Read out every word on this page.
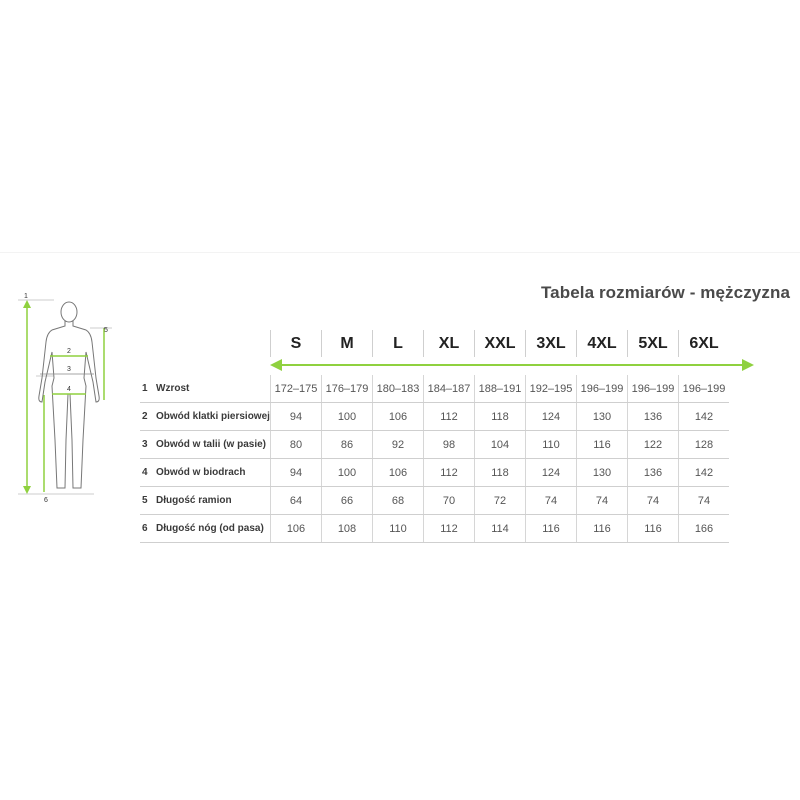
Tabela rozmiarów - mężczyzna
2
3
4
1
5
6
	S	M	L	XL	XXL	3XL	4XL	5XL	6XL

1 Wzrost	172–175	176–179	180–183	184–187	188–191	192–195	196–199	196–199	196–199
2 Obwód klatki piersiowej	94	100	106	112	118	124	130	136	142
3 Obwód w talii (w pasie)	80	86	92	98	104	110	116	122	128
4 Obwód w biodrach	94	100	106	112	118	124	130	136	142
5 Długość ramion	64	66	68	70	72	74	74	74	74
6 Długość nóg (od pasa)	106	108	110	112	114	116	116	116	166
